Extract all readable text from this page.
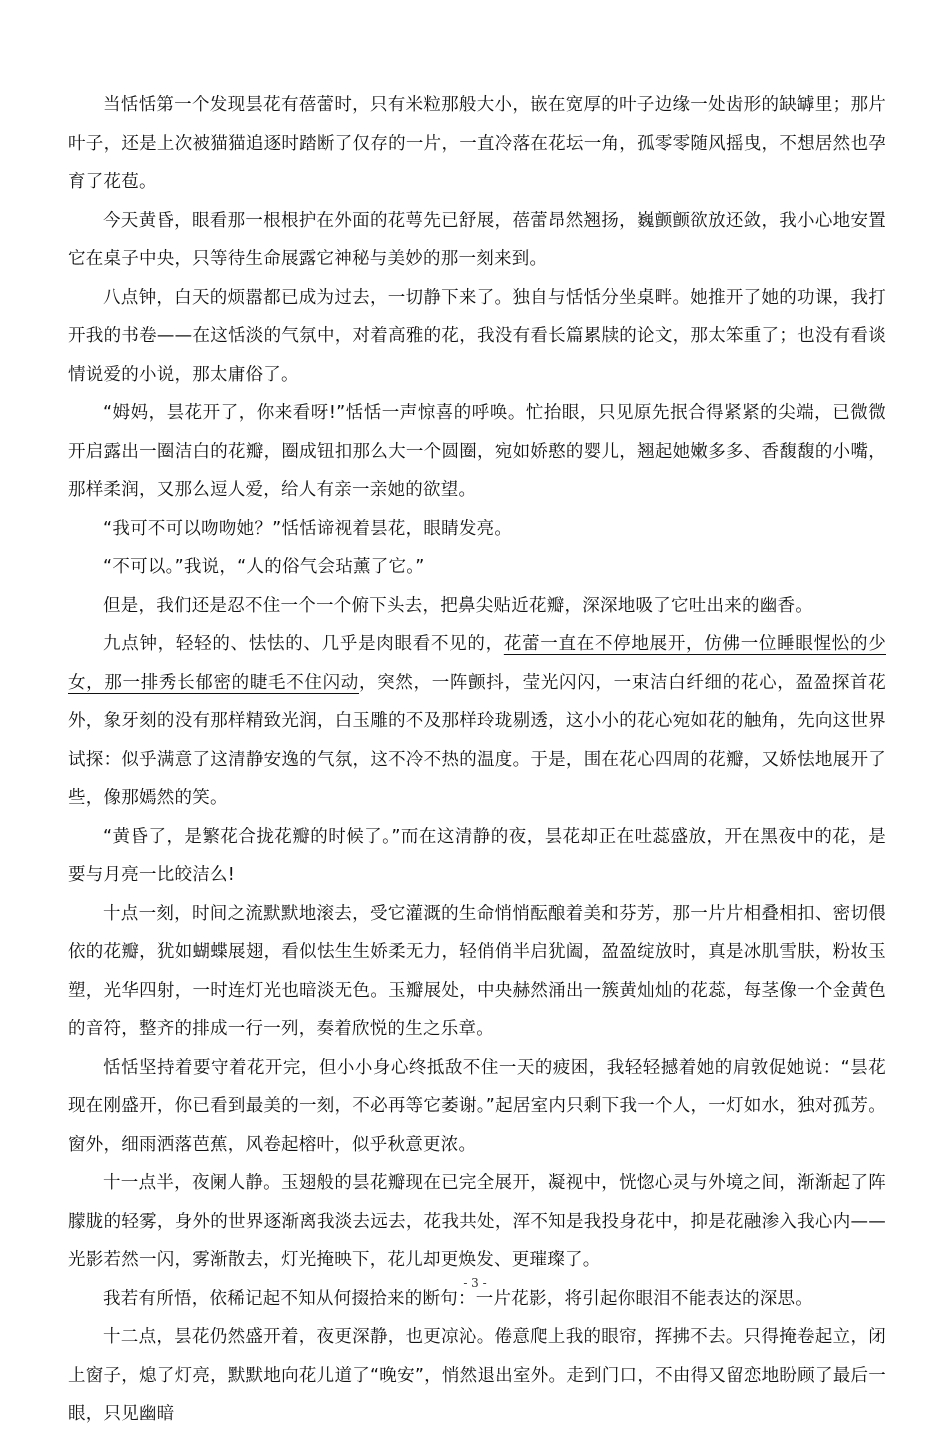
当恬恬第一个发现昙花有蓓蕾时，只有米粒那般大小，嵌在宽厚的叶子边缘一处齿形的缺罅里；那片叶子，还是上次被猫猫追逐时踏断了仅存的一片，一直冷落在花坛一角，孤零零随风摇曳，不想居然也孕育了花苞。

今天黄昏，眼看那一根根护在外面的花萼先已舒展，蓓蕾昂然翘扬，巍颤颤欲放还敛，我小心地安置它在桌子中央，只等待生命展露它神秘与美妙的那一刻来到。

八点钟，白天的烦嚣都已成为过去，一切静下来了。独自与恬恬分坐桌畔。她推开了她的功课，我打开我的书卷——在这恬淡的气氛中，对着高雅的花，我没有看长篇累牍的论文，那太笨重了；也没有看谈情说爱的小说，那太庸俗了。

“姆妈，昙花开了，你来看呀!”恬恬一声惊喜的呼唤。忙抬眼，只见原先抿合得紧紧的尖端，已微微开启露出一圈洁白的花瓣，圈成钮扣那么大一个圆圈，宛如娇憨的婴儿，翘起她嫩多多、香馥馥的小嘴，那样柔润，又那么逗人爱，给人有亲一亲她的欲望。

“我可不可以吻吻她？”恬恬谛视着昙花，眼睛发亮。

“不可以。”我说，“人的俗气会玷薰了它。”

但是，我们还是忍不住一个一个俯下头去，把鼻尖贴近花瓣，深深地吸了它吐出来的幽香。

九点钟，轻轻的、怯怯的、几乎是肉眼看不见的，花蕾一直在不停地展开，仿佛一位睡眼惺忪的少女，那一排秀长郁密的睫毛不住闪动，突然，一阵颤抖，莹光闪闪，一束洁白纤细的花心，盈盈探首花外，象牙刻的没有那样精致光润，白玉雕的不及那样玲珑剔透，这小小的花心宛如花的触角，先向这世界试探：似乎满意了这清静安逸的气氛，这不冷不热的温度。于是，围在花心四周的花瓣，又娇怯地展开了些，像那嫣然的笑。

“黄昏了，是繁花合拢花瓣的时候了。”而在这清静的夜，昙花却正在吐蕊盛放，开在黑夜中的花，是要与月亮一比皎洁么!

十点一刻，时间之流默默地滚去，受它灌溉的生命悄悄酝酿着美和芬芳，那一片片相叠相扣、密切偎依的花瓣，犹如蝴蝶展翅，看似怯生生娇柔无力，轻俏俏半启犹阖，盈盈绽放时，真是冰肌雪肤，粉妆玉塑，光华四射，一时连灯光也暗淡无色。玉瓣展处，中央赫然涌出一簇黄灿灿的花蕊，每茎像一个金黄色的音符，整齐的排成一行一列，奏着欣悦的生之乐章。

恬恬坚持着要守着花开完，但小小身心终抵敌不住一天的疲困，我轻轻撼着她的肩敦促她说：“昙花现在刚盛开，你已看到最美的一刻，不必再等它萎谢。”起居室内只剩下我一个人，一灯如水，独对孤芳。窗外，细雨洒落芭蕉，风卷起榕叶，似乎秋意更浓。

十一点半，夜阑人静。玉翅般的昙花瓣现在已完全展开，凝视中，恍惚心灵与外境之间，渐渐起了阵朦胧的轻雾，身外的世界逐渐离我淡去远去，花我共处，浑不知是我投身花中，抑是花融渗入我心内——光影若然一闪，雾渐散去，灯光掩映下，花儿却更焕发、更璀璨了。

我若有所悟，依稀记起不知从何掇拾来的断句：一片花影，将引起你眼泪不能表达的深思。

十二点，昙花仍然盛开着，夜更深静，也更凉沁。倦意爬上我的眼帘，挥拂不去。只得掩卷起立，闭上窗子，熄了灯亮，默默地向花儿道了“晚安”，悄然退出室外。走到门口，不由得又留恋地盼顾了最后一眼，只见幽暗

- 3 -
